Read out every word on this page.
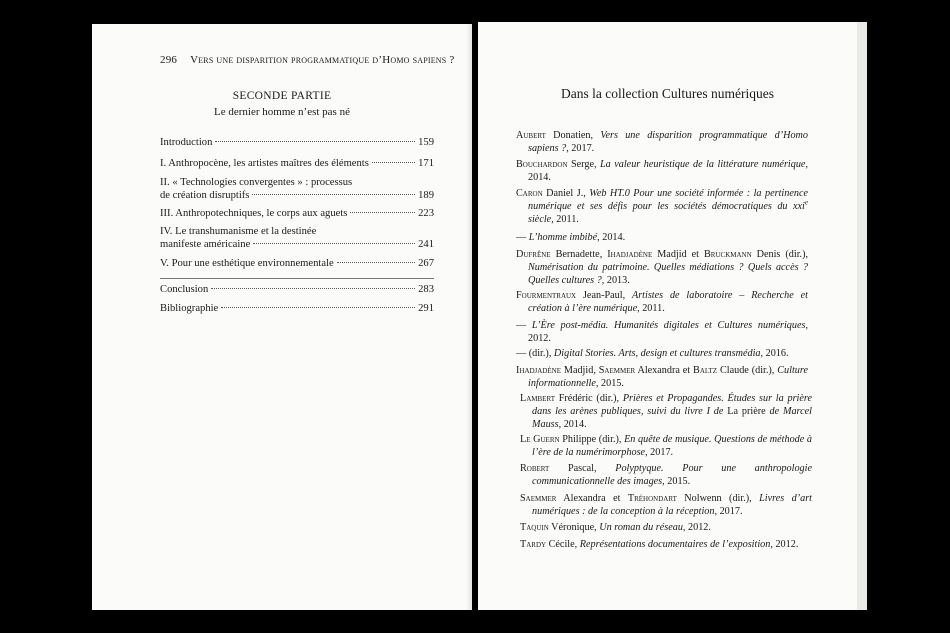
296 Vers une disparition programmatique d’Homo sapiens ?
SECONDE PARTIE
Le dernier homme n’est pas né
Introduction	159
I. Anthropocène, les artistes maîtres des éléments	171
II. « Technologies convergentes » : processus
de création disruptifs	189
III. Anthropotechniques, le corps aux aguets	223
IV. Le transhumanisme et la destinée
manifeste américaine	241
V. Pour une esthétique environnementale	267
Conclusion	283
Bibliographie	291
Dans la collection Cultures numériques
Aubert Donatien, Vers une disparition programmatique d’Homo sapiens ?, 2017.
Bouchardon Serge, La valeur heuristique de la littérature numérique, 2014.
Caron Daniel J., Web HT.0 Pour une société informée : la pertinence numérique et ses défis pour les sociétés démocratiques du xxi$^e$ siècle, 2011.
— L’homme imbibé, 2014.
Dufrêne Bernadette, Ihadjadène Madjid et Bruckmann Denis (dir.), Numérisation du patrimoine. Quelles médiations ? Quels accès ? Quelles cultures ?, 2013.
Fourmentraux Jean-Paul, Artistes de laboratoire – Recherche et création à l’ère numérique, 2011.
— L’Ère post-média. Humanités digitales et Cultures numériques, 2012.
— (dir.), Digital Stories. Arts, design et cultures transmédia, 2016.
Ihadjadène Madjid, Saemmer Alexandra et Baltz Claude (dir.), Culture informationnelle, 2015.
Lambert Frédéric (dir.), Prières et Propagandes. Études sur la prière dans les arènes publiques, suivi du livre I de La prière de Marcel Mauss, 2014.
Le Guern Philippe (dir.), En quête de musique. Questions de méthode à l’ère de la numérimorphose, 2017.
Robert Pascal, Polyptyque. Pour une anthropologie communicationnelle des images, 2015.
Saemmer Alexandra et Tréhondart Nolwenn (dir.), Livres d’art numériques : de la conception à la réception, 2017.
Taquin Véronique, Un roman du réseau, 2012.
Tardy Cécile, Représentations documentaires de l’exposition, 2012.
